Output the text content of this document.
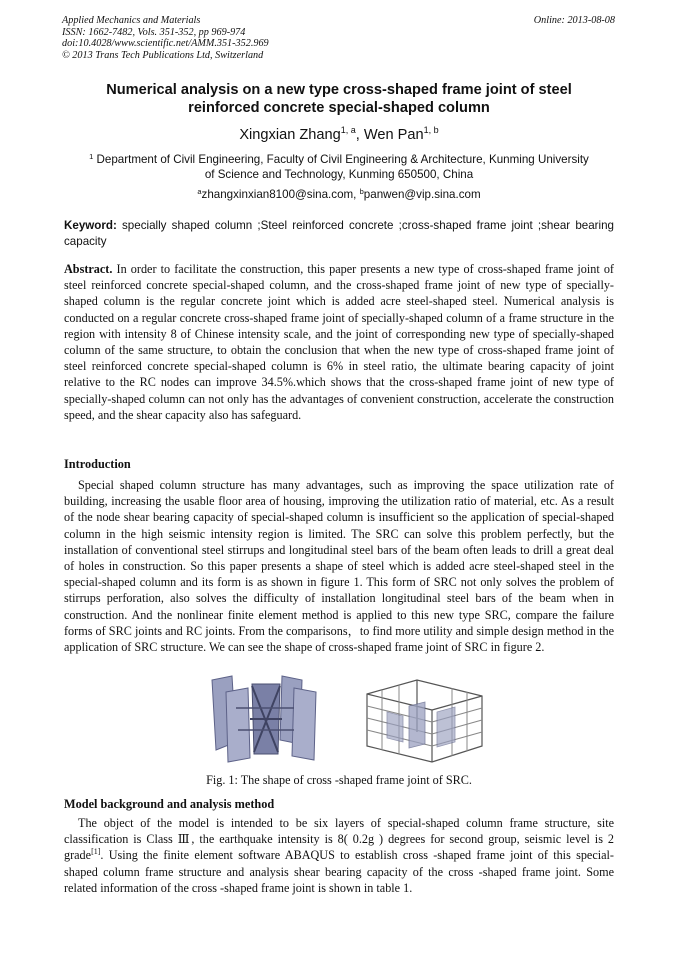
Applied Mechanics and Materials
ISSN: 1662-7482, Vols. 351-352, pp 969-974
doi:10.4028/www.scientific.net/AMM.351-352.969
© 2013 Trans Tech Publications Ltd, Switzerland
Online: 2013-08-08
Numerical analysis on a new type cross-shaped frame joint of steel
reinforced concrete special-shaped column
Xingxian Zhang$^{1, a}$, Wen Pan$^{1, b}$
$^1$ Department of Civil Engineering, Faculty of Civil Engineering & Architecture, Kunming University
of Science and Technology, Kunming 650500, China
$^a$zhangxinxian8100@sina.com, $^b$panwen@vip.sina.com
Keyword: specially shaped column ;Steel reinforced concrete ;cross-shaped frame joint ;shear bearing capacity
Abstract. In order to facilitate the construction, this paper presents a new type of cross-shaped frame joint of steel reinforced concrete special-shaped column, and the cross-shaped frame joint of new type of specially-shaped column is the regular concrete joint which is added acre steel-shaped steel. Numerical analysis is conducted on a regular concrete cross-shaped frame joint of specially-shaped column of a frame structure in the region with intensity 8 of Chinese intensity scale, and the joint of corresponding new type of specially-shaped column of the same structure, to obtain the conclusion that when the new type of cross-shaped frame joint of steel reinforced concrete special-shaped column is 6% in steel ratio, the ultimate bearing capacity of joint relative to the RC nodes can improve 34.5%.which shows that the cross-shaped frame joint of new type of specially-shaped column can not only has the advantages of convenient construction, accelerate the construction speed, and the shear capacity also has safeguard.
Introduction
Special shaped column structure has many advantages, such as improving the space utilization rate of building, increasing the usable floor area of housing, improving the utilization ratio of material, etc. As a result of the node shear bearing capacity of special-shaped column is insufficient so the application of special-shaped column in the high seismic intensity region is limited. The SRC can solve this problem perfectly, but the installation of conventional steel stirrups and longitudinal steel bars of the beam often leads to drill a great deal of holes in construction. So this paper presents a shape of steel which is added acre steel-shaped steel in the special-shaped column and its form is as shown in figure 1. This form of SRC not only solves the problem of stirrups perforation, also solves the difficulty of installation longitudinal steel bars of the beam when in construction. And the nonlinear finite element method is applied to this new type SRC, compare the failure forms of SRC joints and RC joints. From the comparisons，to find more utility and simple design method in the application of SRC structure. We can see the shape of cross-shaped frame joint of SRC in figure 2.
Fig. 1: The shape of cross -shaped frame joint of SRC.
Model background and analysis method
The object of the model is intended to be six layers of special-shaped column frame structure, site classification is Class Ⅲ, the earthquake intensity is 8( 0.2g ) degrees for second group, seismic level is 2 grade[1]. Using the finite element software ABAQUS to establish cross -shaped frame joint of this special-shaped column frame structure and analysis shear bearing capacity of the cross -shaped frame joint. Some related information of the cross -shaped frame joint is shown in table 1.
